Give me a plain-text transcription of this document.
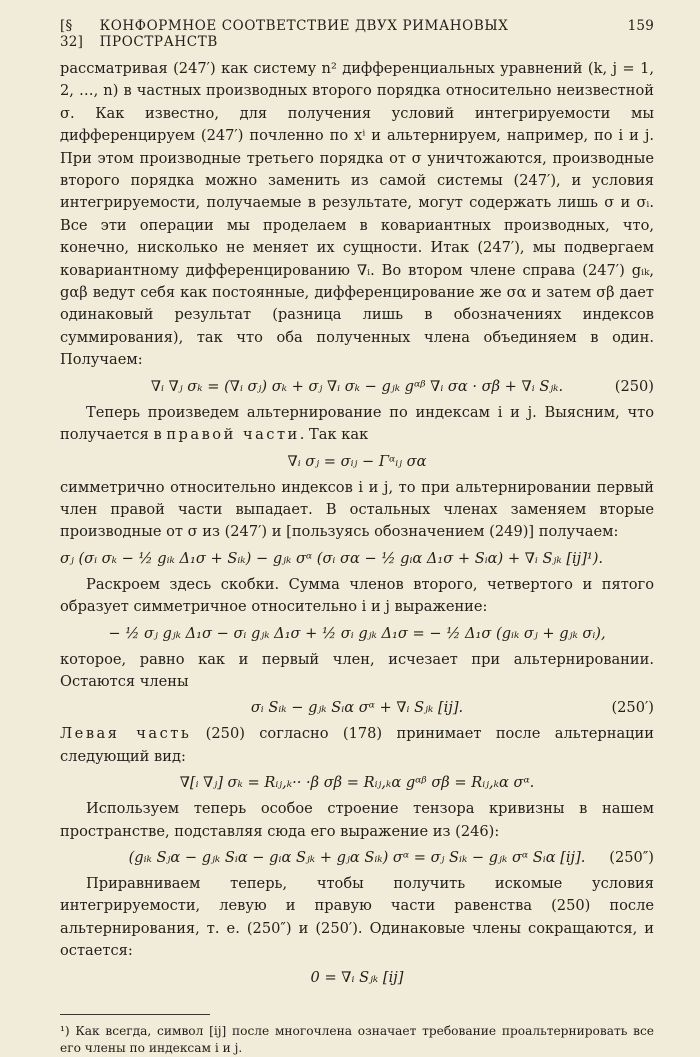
[§ 32]
КОНФОРМНОЕ СООТВЕТСТВИЕ ДВУХ РИМАНОВЫХ ПРОСТРАНСТВ
159

рассматривая (247′) как систему n² дифференциальных уравнений (k, j = 1, 2, …, n) в частных производных второго порядка относительно неизвестной σ. Как известно, для получения условий интегрируемости мы дифференцируем (247′) почленно по xⁱ и альтернируем, например, по i и j. При этом производные третьего порядка от σ уничтожаются, производные второго порядка можно заменить из самой системы (247′), и условия интегрируемости, получаемые в результате, могут содержать лишь σ и σᵢ. Все эти операции мы проделаем в ковариантных производных, что, конечно, нисколько не меняет их сущности. Итак (247′), мы подвергаем ковариантному дифференцированию ∇ᵢ. Во втором члене справа (247′) gᵢₖ, gαβ ведут себя как постоянные, дифференцирование же σα и затем σβ дает одинаковый результат (разница лишь в обозначениях индексов суммирования), так что оба полученных члена объединяем в один. Получаем:

∇ᵢ ∇ⱼ σₖ = (∇ᵢ σⱼ) σₖ + σⱼ ∇ᵢ σₖ − gⱼₖ gᵅᵝ ∇ᵢ σα · σβ + ∇ᵢ Sⱼₖ.	(250)

Теперь произведем альтернирование по индексам i и j. Выясним, что получается в правой части. Так как

∇ᵢ σⱼ = σᵢⱼ − Γᵅᵢⱼ σα

симметрично относительно индексов i и j, то при альтернировании первый член правой части выпадает. В остальных членах заменяем вторые производные от σ из (247′) и [пользуясь обозначением (249)] получаем:

σⱼ (σᵢ σₖ − ½ gᵢₖ Δ₁σ + Sᵢₖ) − gⱼₖ σᵅ (σᵢ σα − ½ gᵢα Δ₁σ + Sᵢα) + ∇ᵢ Sⱼₖ [ij]¹).

Раскроем здесь скобки. Сумма членов второго, четвертого и пятого образует симметричное относительно i и j выражение:

− ½ σⱼ gⱼₖ Δ₁σ − σᵢ gⱼₖ Δ₁σ + ½ σᵢ gⱼₖ Δ₁σ = − ½ Δ₁σ (gᵢₖ σⱼ + gⱼₖ σᵢ),

которое, равно как и первый член, исчезает при альтернировании. Остаются члены

σᵢ Sᵢₖ − gⱼₖ Sᵢα σᵅ + ∇ᵢ Sⱼₖ [ij].	(250′)

Левая часть (250) согласно (178) принимает после альтернации следующий вид:

∇[ᵢ ∇ⱼ] σₖ = Rᵢⱼ,ₖ·· ·β σβ = Rᵢⱼ,ₖα gᵅᵝ σβ = Rᵢⱼ,ₖα σᵅ.

Используем теперь особое строение тензора кривизны в нашем пространстве, подставляя сюда его выражение из (246):

(gᵢₖ Sⱼα − gⱼₖ Sᵢα − gᵢα Sⱼₖ + gⱼα Sᵢₖ) σᵅ = σⱼ Sᵢₖ − gⱼₖ σᵅ Sᵢα [ij]. (250″)

Приравниваем теперь, чтобы получить искомые условия интегрируемости, левую и правую части равенства (250) после альтернирования, т. е. (250″) и (250′). Одинаковые члены сокращаются, и остается:

0 = ∇ᵢ Sⱼₖ [ij]

¹) Как всегда, символ [ij] после многочлена означает требование проальтернировать все его члены по индексам i и j.
